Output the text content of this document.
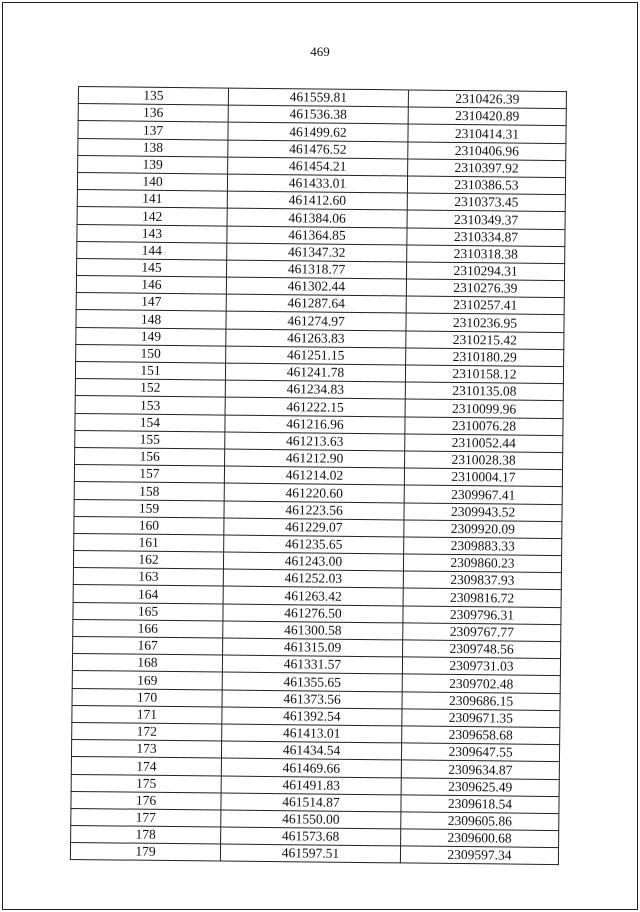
469
135	461559.81	2310426.39
136	461536.38	2310420.89
137	461499.62	2310414.31
138	461476.52	2310406.96
139	461454.21	2310397.92
140	461433.01	2310386.53
141	461412.60	2310373.45
142	461384.06	2310349.37
143	461364.85	2310334.87
144	461347.32	2310318.38
145	461318.77	2310294.31
146	461302.44	2310276.39
147	461287.64	2310257.41
148	461274.97	2310236.95
149	461263.83	2310215.42
150	461251.15	2310180.29
151	461241.78	2310158.12
152	461234.83	2310135.08
153	461222.15	2310099.96
154	461216.96	2310076.28
155	461213.63	2310052.44
156	461212.90	2310028.38
157	461214.02	2310004.17
158	461220.60	2309967.41
159	461223.56	2309943.52
160	461229.07	2309920.09
161	461235.65	2309883.33
162	461243.00	2309860.23
163	461252.03	2309837.93
164	461263.42	2309816.72
165	461276.50	2309796.31
166	461300.58	2309767.77
167	461315.09	2309748.56
168	461331.57	2309731.03
169	461355.65	2309702.48
170	461373.56	2309686.15
171	461392.54	2309671.35
172	461413.01	2309658.68
173	461434.54	2309647.55
174	461469.66	2309634.87
175	461491.83	2309625.49
176	461514.87	2309618.54
177	461550.00	2309605.86
178	461573.68	2309600.68
179	461597.51	2309597.34
